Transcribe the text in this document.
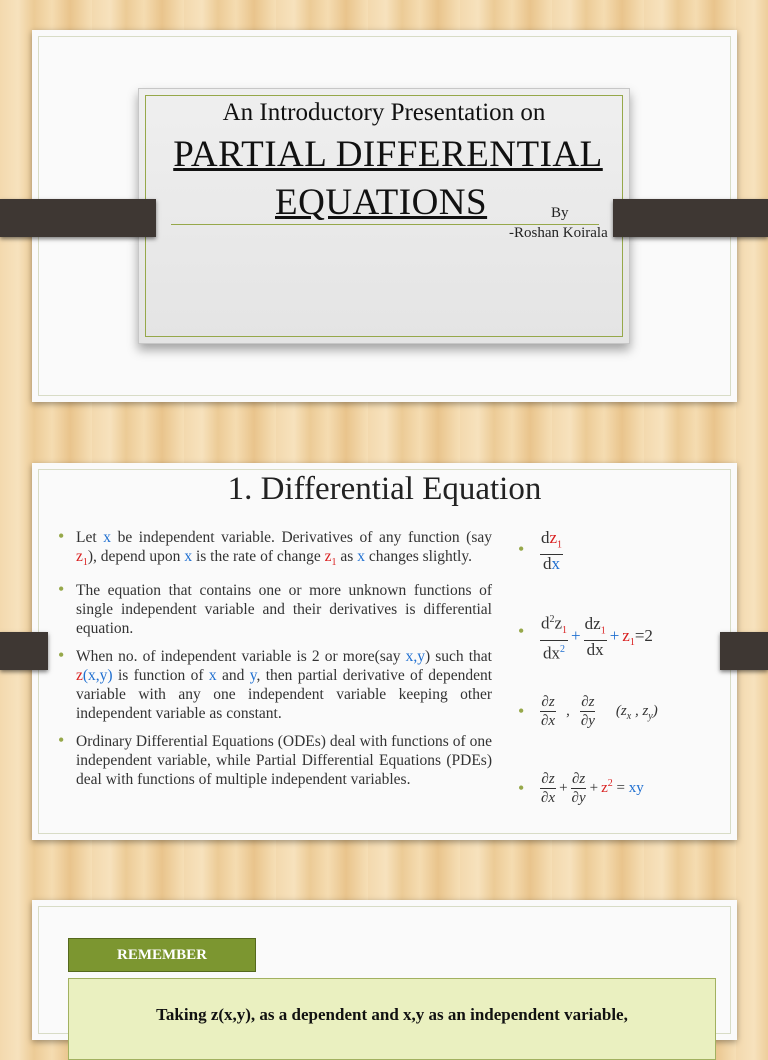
An Introductory Presentation on
PARTIAL DIFFERENTIAL
EQUATIONS	By
-Roshan Koirala
1. Differential Equation
• Let x be independent variable. Derivatives of any function (say $z_1$), depend upon x is the rate of change $z_1$ as x changes slightly.
• The equation that contains one or more unknown functions of single independent variable and their derivatives is differential equation.
• When no. of independent variable is 2 or more(say x,y) such that z(x,y) is function of x and y, then partial derivative of dependent variable with any one independent variable keeping other independent variable as constant.
• Ordinary Differential Equations (ODEs) deal with functions of one independent variable, while Partial Differential Equations (PDEs) deal with functions of multiple independent variables.
• $\frac{dz_1}{dx}$
• $\frac{d^2z_1}{dx^2} + \frac{dz_1}{dx} + z_1=2$
• $\frac{\partial z}{\partial x}$ , $\frac{\partial z}{\partial y} (z_x$ , $z_y$)
• $\frac{\partial z}{\partial x} + \frac{\partial z}{\partial y} + z^2$ = xy
REMEMBER
Taking z(x,y), as a dependent and x,y as an independent variable,
